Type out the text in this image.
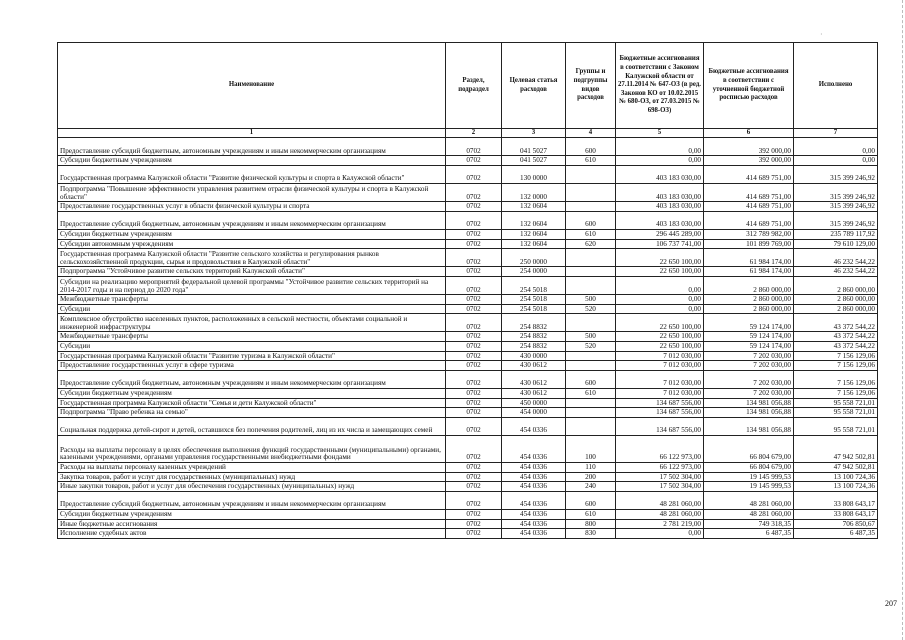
·
Наименование	Раздел, подраздел	Целевая статья расходов	Группы и подгруппы видов расходов	Бюджетные ассигнования в соответствии с Законом Калужской области от 27.11.2014 № 647-ОЗ (в ред. Законов КО от 10.02.2015 № 680-ОЗ, от 27.03.2015 № 698-ОЗ)	Бюджетные ассигнования в соответствии с уточненной бюджетной росписью расходов	Исполнено
1	2	3	4	5	6	7
Предоставление субсидий бюджетным, автономным учреждениям и иным некоммерческим организациям	0702	041 5027	600	0,00	392 000,00	0,00
Субсидии бюджетным учреждениям	0702	041 5027	610	0,00	392 000,00	0,00
Государственная программа Калужской области "Развитие физической культуры и спорта в Калужской области"	0702	130 0000		403 183 030,00	414 689 751,00	315 399 246,92
Подпрограмма "Повышение эффективности управления развитием отрасли физической культуры и спорта в Калужской области"	0702	132 0000		403 183 030,00	414 689 751,00	315 399 246,92
Предоставление государственных услуг в области физической культуры и спорта	0702	132 0604		403 183 030,00	414 689 751,00	315 399 246,92
Предоставление субсидий бюджетным, автономным учреждениям и иным некоммерческим организациям	0702	132 0604	600	403 183 030,00	414 689 751,00	315 399 246,92
Субсидии бюджетным учреждениям	0702	132 0604	610	296 445 289,00	312 789 982,00	235 789 117,92
Субсидии автономным учреждениям	0702	132 0604	620	106 737 741,00	101 899 769,00	79 610 129,00
Государственная программа Калужской области "Развитие сельского хозяйства и регулирования рынков сельскохозяйственной продукции, сырья и продовольствия в Калужской области"	0702	250 0000		22 650 100,00	61 984 174,00	46 232 544,22
Подпрограмма "Устойчивое развитие сельских территорий Калужской области"	0702	254 0000		22 650 100,00	61 984 174,00	46 232 544,22
Субсидии на реализацию мероприятий федеральной целевой программы "Устойчивое развитие сельских территорий на 2014-2017 годы и на период до 2020 года"	0702	254 5018		0,00	2 860 000,00	2 860 000,00
Межбюджетные трансферты	0702	254 5018	500	0,00	2 860 000,00	2 860 000,00
Субсидии	0702	254 5018	520	0,00	2 860 000,00	2 860 000,00
Комплексное обустройство населенных пунктов, расположенных в сельской местности, объектами социальной и инженерной инфраструктуры	0702	254 8832		22 650 100,00	59 124 174,00	43 372 544,22
Межбюджетные трансферты	0702	254 8832	500	22 650 100,00	59 124 174,00	43 372 544,22
Субсидии	0702	254 8832	520	22 650 100,00	59 124 174,00	43 372 544,22
Государственная программа Калужской области "Развитие туризма в Калужской области"	0702	430 0000		7 012 030,00	7 202 030,00	7 156 129,06
Предоставление государственных услуг в сфере туризма	0702	430 0612		7 012 030,00	7 202 030,00	7 156 129,06
Предоставление субсидий бюджетным, автономным учреждениям и иным некоммерческим организациям	0702	430 0612	600	7 012 030,00	7 202 030,00	7 156 129,06
Субсидии бюджетным учреждениям	0702	430 0612	610	7 012 030,00	7 202 030,00	7 156 129,06
Государственная программа Калужской области "Семья и дети Калужской области"	0702	450 0000		134 687 556,00	134 981 056,88	95 558 721,01
Подпрограмма "Право ребенка на семью"	0702	454 0000		134 687 556,00	134 981 056,88	95 558 721,01
Социальная поддержка детей-сирот и детей, оставшихся без попечения родителей, лиц из их числа и замещающих семей	0702	454 0336		134 687 556,00	134 981 056,88	95 558 721,01
Расходы на выплаты персоналу в целях обеспечения выполнения функций государственными (муниципальными) органами, казенными учреждениями, органами управления государственными внебюджетными фондами	0702	454 0336	100	66 122 973,00	66 804 679,00	47 942 502,81
Расходы на выплаты персоналу казенных учреждений	0702	454 0336	110	66 122 973,00	66 804 679,00	47 942 502,81
Закупка товаров, работ и услуг для государственных (муниципальных) нужд	0702	454 0336	200	17 502 304,00	19 145 999,53	13 100 724,36
Иные закупки товаров, работ и услуг для обеспечения государственных (муниципальных) нужд	0702	454 0336	240	17 502 304,00	19 145 999,53	13 100 724,36
Предоставление субсидий бюджетным, автономным учреждениям и иным некоммерческим организациям	0702	454 0336	600	48 281 060,00	48 281 060,00	33 808 643,17
Субсидии бюджетным учреждениям	0702	454 0336	610	48 281 060,00	48 281 060,00	33 808 643,17
Иные бюджетные ассигнования	0702	454 0336	800	2 781 219,00	749 318,35	706 850,67
Исполнение судебных актов	0702	454 0336	830	0,00	6 487,35	6 487,35
207
